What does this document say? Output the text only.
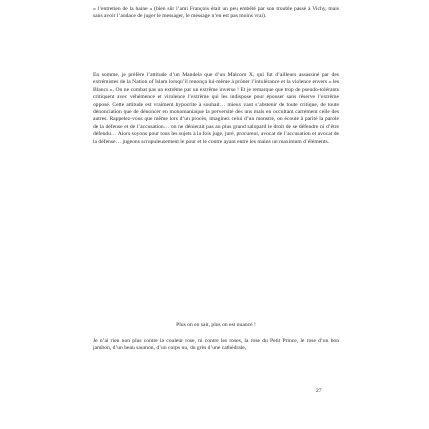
« l’entretien de la haine » (bien sûr l’ami François était un peu embêté par son trouble passé à Vichy, mais sans avoir l’audace de juger le messager, le message n’en est pas moins vrai).

En somme, je préfère l’attitude d’un Mandela que d’un Malcom X, qui fut d’ailleurs assassiné par des extrémistes de la Nation of Islam lorsqu’il renonça lui-même à prôner l’intolérance et la violence envers « les Blancs ». On ne combat pas un extrême par un extrême inverse ! Et je remarque que trop de pseudo-tolérants critiquent avec véhémence et virulence l’extrême qui les indispose pour épouser sans réserve l’extrême opposé. Cette attitude est vraiment hypocrite à souhait… mieux vaut s’abstenir de toute critique, de toute dénonciation que de dénoncer en monomaniaque la perversité des uns mais en occultant carrément celle des autres. Rappelez-vous que même lors d’un procès, imaginez celui d’un monstre, on écoute à parité la parole de la défense et de l’accusation… on ne dénierait pas au plus grand salopard le droit de se défendre ni d’être défendu… Alors soyons pour tous les sujets à la fois juge, juré, procureur, avocat de l’accusation et avocat de la défense… jugeons scrupuleusement le pour et le contre ayant entre les mains un maximum d’éléments.

Plus on en sait, plus on est nuancé !

Je n’ai rien non plus contre la couleur rose, ni contre les roses, la rose du Petit Prince, le rose d’un bon jambon, d’un beau saumon, d’un corps nu, du grès d’une cathédrale,

27
